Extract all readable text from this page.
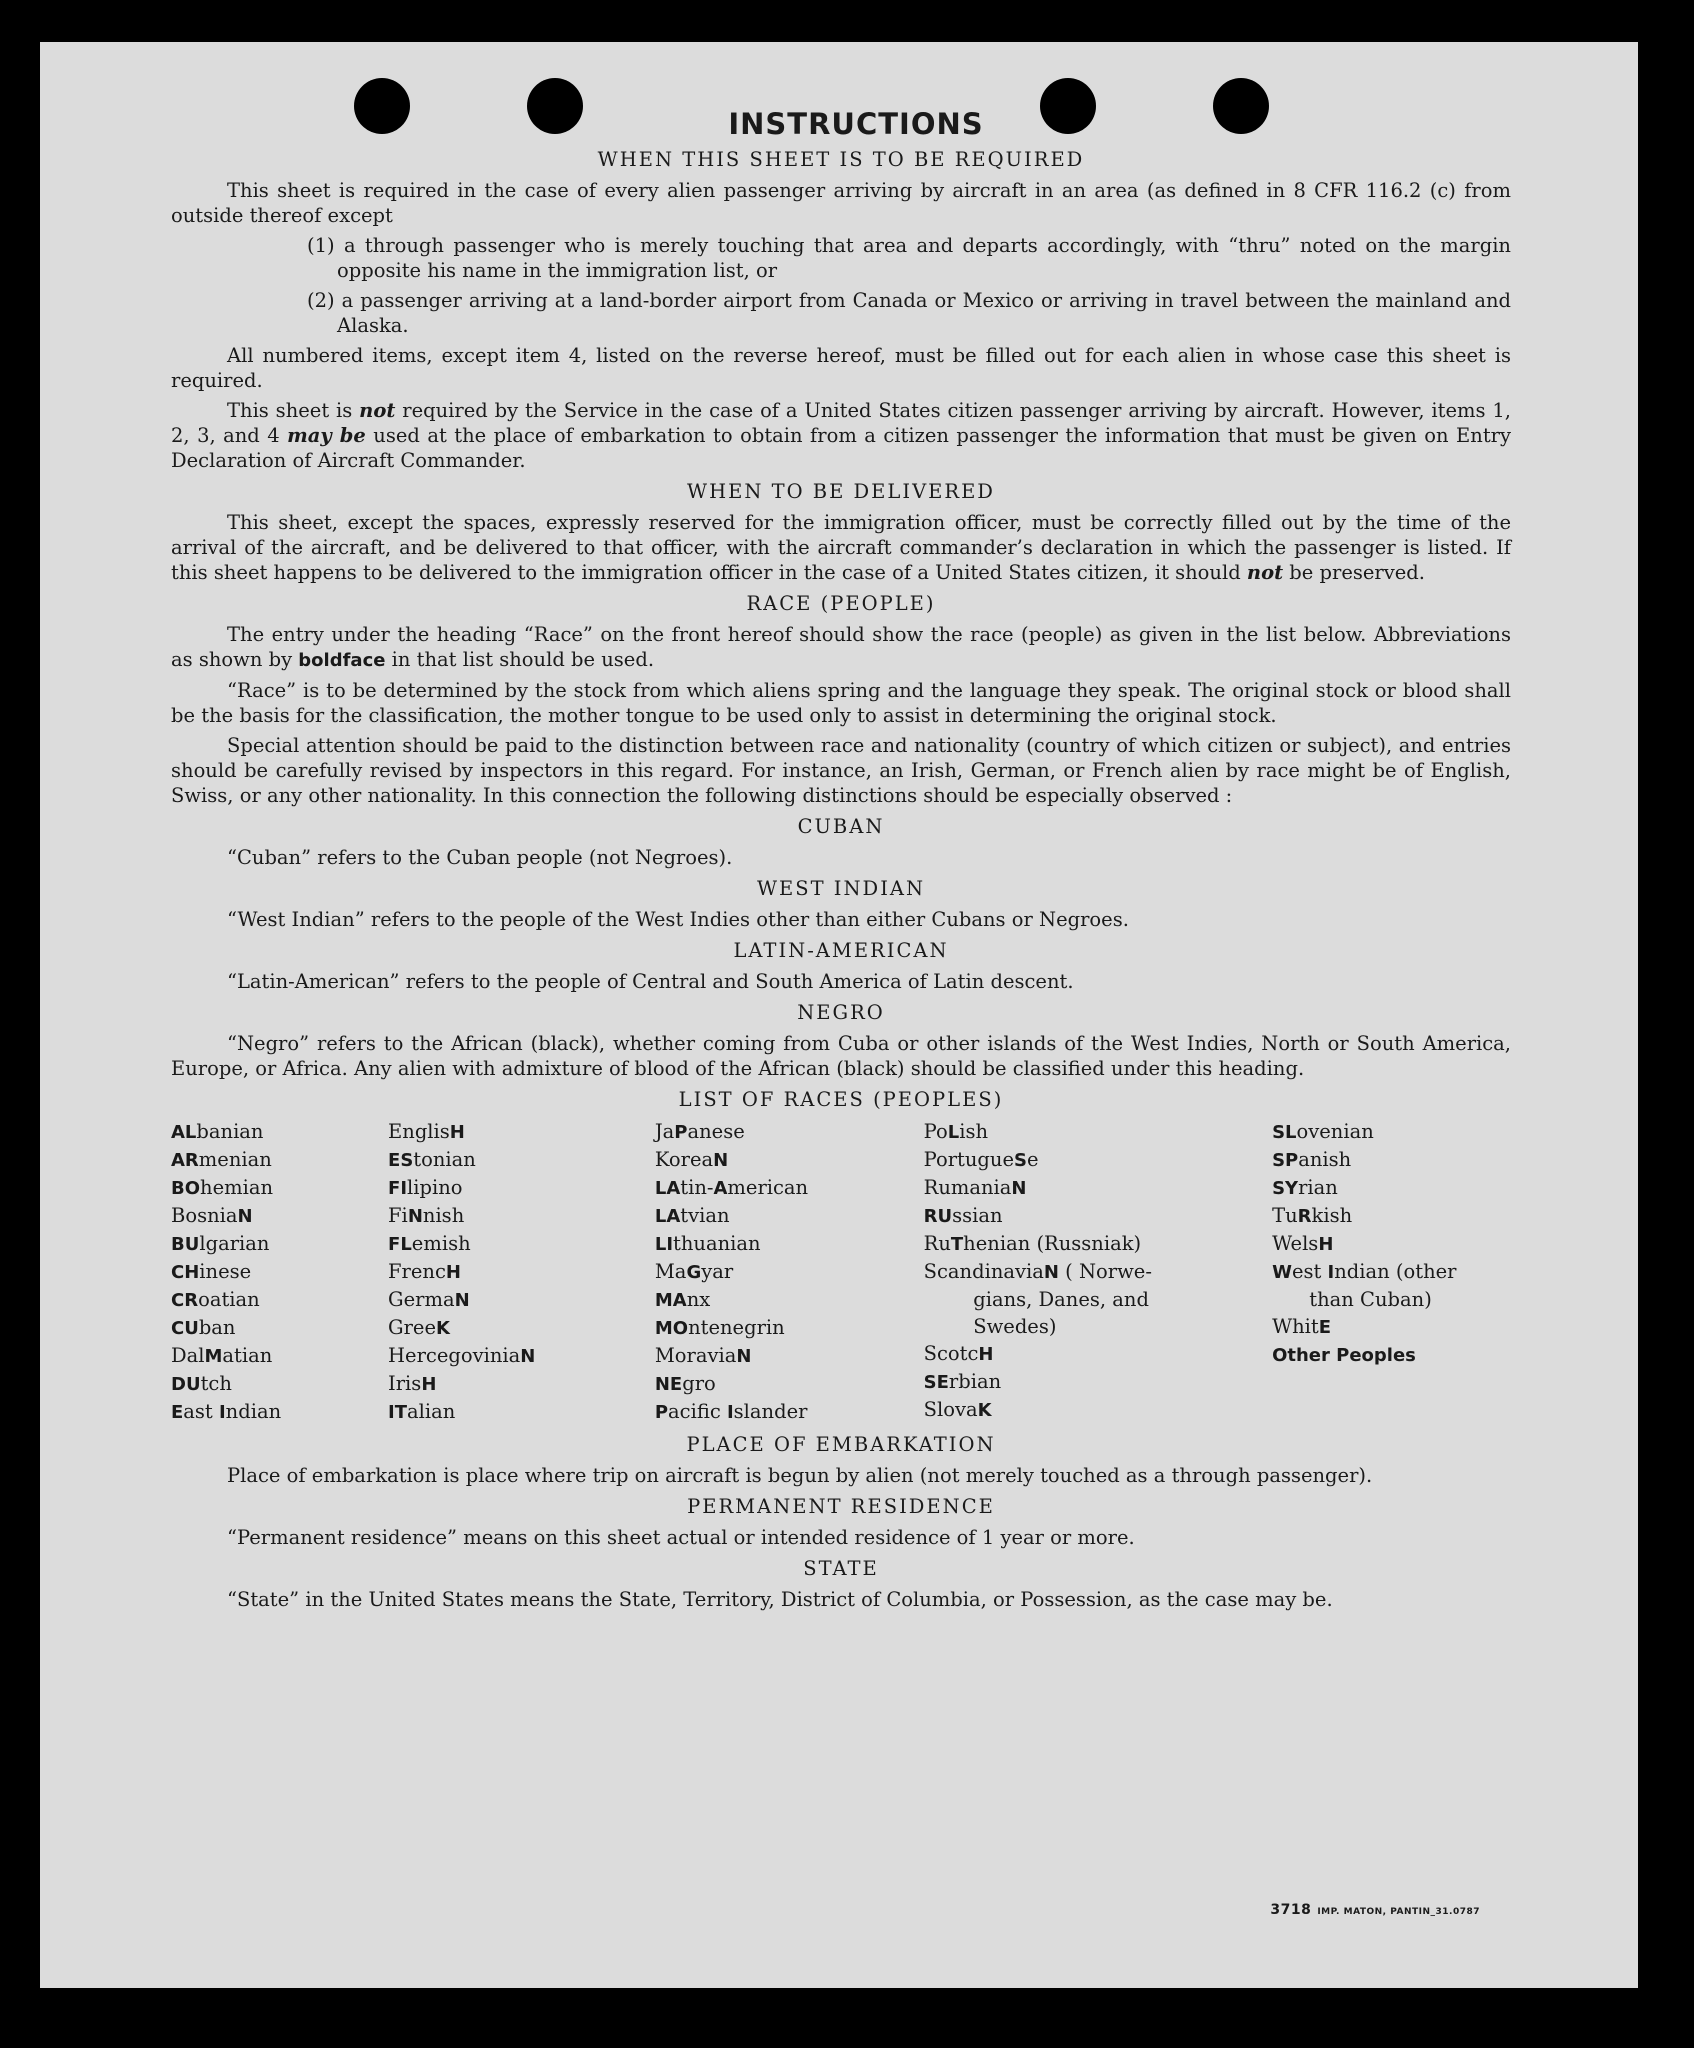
INSTRUCTIONS
WHEN THIS SHEET IS TO BE REQUIRED

This sheet is required in the case of every alien passenger arriving by aircraft in an area (as defined in 8 CFR 116.2 (c) from outside thereof except

(1) a through passenger who is merely touching that area and departs accordingly, with “thru” noted on the margin opposite his name in the immigration list, or
(2) a passenger arriving at a land-border airport from Canada or Mexico or arriving in travel between the mainland and Alaska.

All numbered items, except item 4, listed on the reverse hereof, must be filled out for each alien in whose case this sheet is required.

This sheet is not required by the Service in the case of a United States citizen passenger arriving by aircraft. However, items 1, 2, 3, and 4 may be used at the place of embarkation to obtain from a citizen passenger the information that must be given on Entry Declaration of Aircraft Commander.

WHEN TO BE DELIVERED

This sheet, except the spaces, expressly reserved for the immigration officer, must be correctly filled out by the time of the arrival of the aircraft, and be delivered to that officer, with the aircraft commander’s declaration in which the passenger is listed. If this sheet happens to be delivered to the immigration officer in the case of a United States citizen, it should not be preserved.

RACE (PEOPLE)

The entry under the heading “Race” on the front hereof should show the race (people) as given in the list below. Abbreviations as shown by boldface in that list should be used.

“Race” is to be determined by the stock from which aliens spring and the language they speak. The original stock or blood shall be the basis for the classification, the mother tongue to be used only to assist in determining the original stock.

Special attention should be paid to the distinction between race and nationality (country of which citizen or subject), and entries should be carefully revised by inspectors in this regard. For instance, an Irish, German, or French alien by race might be of English, Swiss, or any other nationality. In this connection the following distinctions should be especially observed :

CUBAN

“Cuban” refers to the Cuban people (not Negroes).

WEST INDIAN

“West Indian” refers to the people of the West Indies other than either Cubans or Negroes.

LATIN-AMERICAN

“Latin-American” refers to the people of Central and South America of Latin descent.

NEGRO

“Negro” refers to the African (black), whether coming from Cuba or other islands of the West Indies, North or South America, Europe, or Africa. Any alien with admixture of blood of the African (black) should be classified under this heading.

LIST OF RACES (PEOPLES)
ALbanian
ARmenian
BOhemian
BosniaN
BUlgarian
CHinese
CRoatian
CUban
DalMatian
DUtch
East Indian
EnglisH
EStonian
FIlipino
FiNnish
FLemish
FrencH
GermaN
GreeK
HercegoviniaN
IrisH
ITalian
JaPanese
KoreaN
LAtin-American
LAtvian
LIthuanian
MaGyar
MAnx
MOntenegrin
MoraviaN
NEgro
Pacific Islander
PoLish
PortugueSe
RumaniaN
RUssian
RuThenian (Russniak)
ScandinaviaN ( Norwe-
gians, Danes, and
Swedes)
ScotcH
SErbian
SlovaK
SLovenian
SPanish
SYrian
TuRkish
WelsH
West Indian (other
than Cuban)
WhitE
Other Peoples
PLACE OF EMBARKATION

Place of embarkation is place where trip on aircraft is begun by alien (not merely touched as a through passenger).

PERMANENT RESIDENCE

“Permanent residence” means on this sheet actual or intended residence of 1 year or more.

STATE

“State” in the United States means the State, Territory, District of Columbia, or Possession, as the case may be.

3718 IMP. MATON, PANTIN_31.0787
